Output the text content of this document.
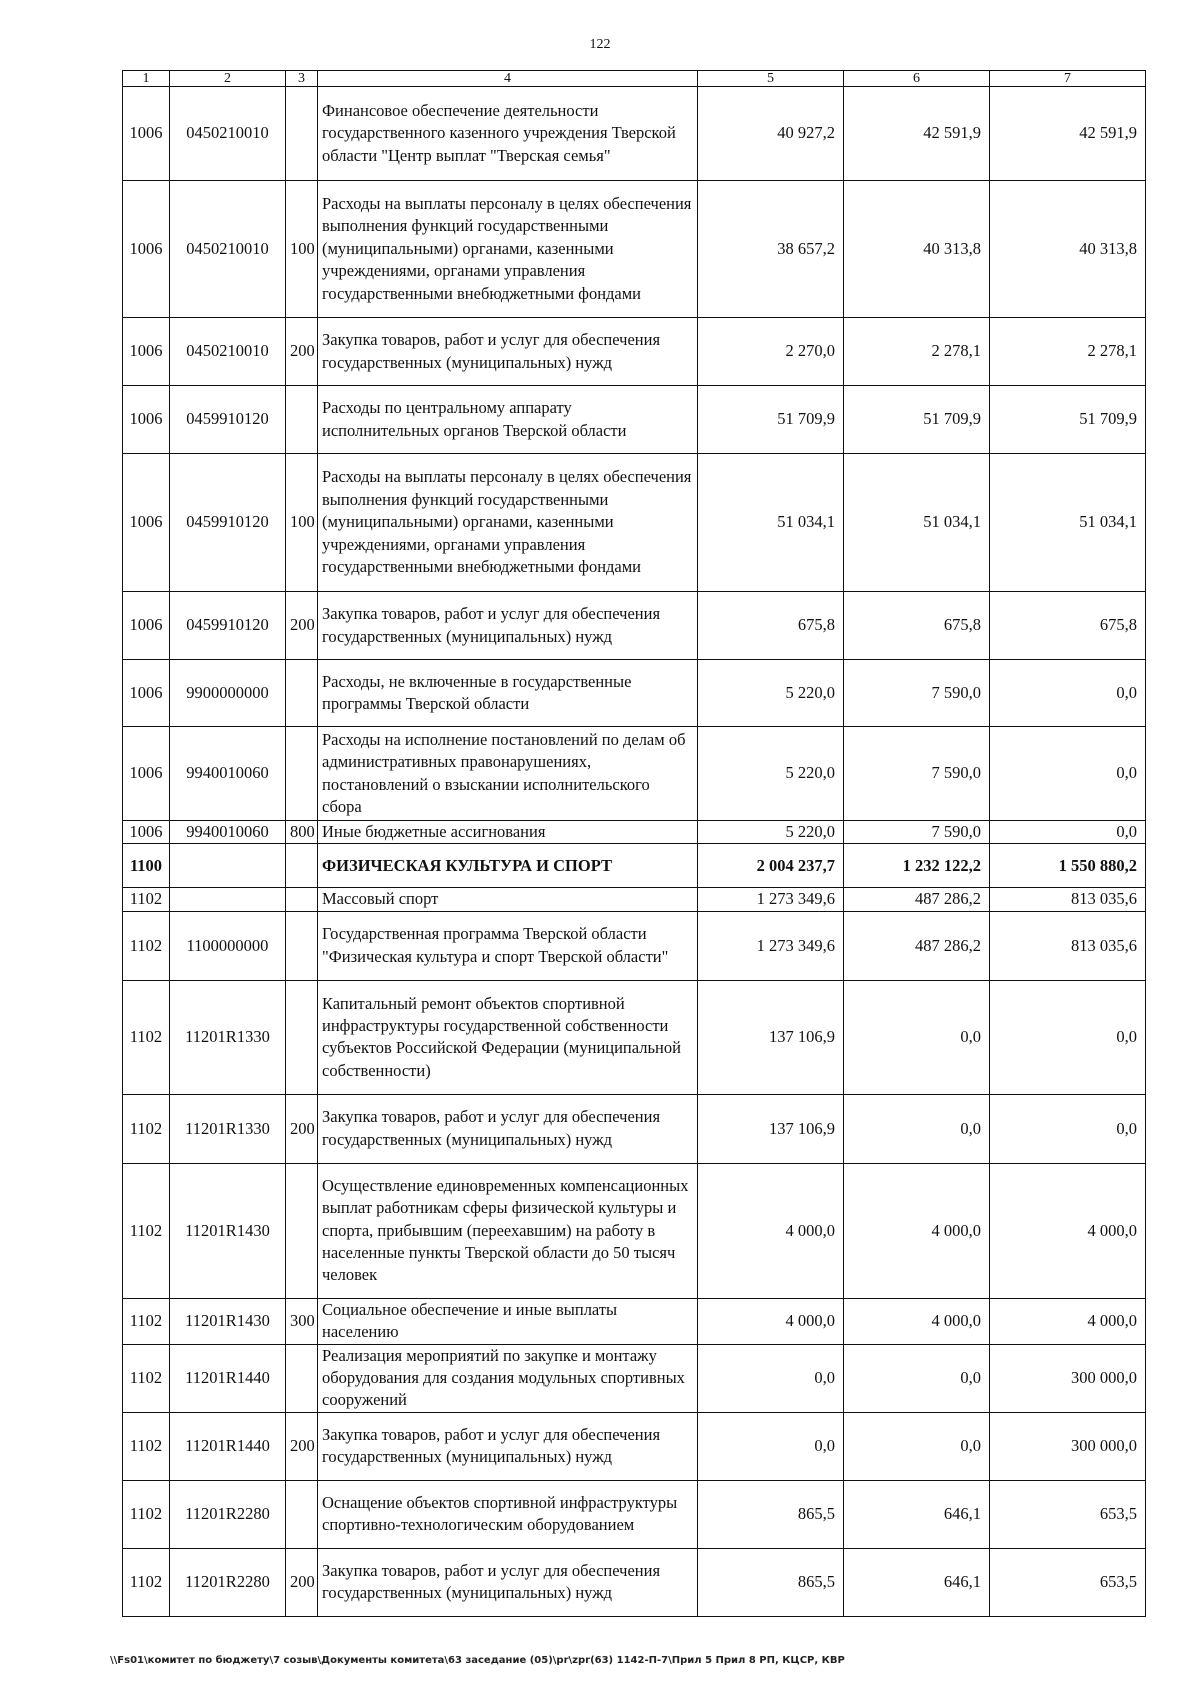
122
1	2	3	4	5	6	7
1006	0450210010		Финансовое обеспечение деятельности государственного казенного учреждения Тверской области "Центр выплат "Тверская семья"	40 927,2	42 591,9	42 591,9
1006	0450210010	100	Расходы на выплаты персоналу в целях обеспечения выполнения функций государственными (муниципальными) органами, казенными учреждениями, органами управления государственными внебюджетными фондами	38 657,2	40 313,8	40 313,8
1006	0450210010	200	Закупка товаров, работ и услуг для обеспечения государственных (муниципальных) нужд	2 270,0	2 278,1	2 278,1
1006	0459910120		Расходы по центральному аппарату исполнительных органов Тверской области	51 709,9	51 709,9	51 709,9
1006	0459910120	100	Расходы на выплаты персоналу в целях обеспечения выполнения функций государственными (муниципальными) органами, казенными учреждениями, органами управления государственными внебюджетными фондами	51 034,1	51 034,1	51 034,1
1006	0459910120	200	Закупка товаров, работ и услуг для обеспечения государственных (муниципальных) нужд	675,8	675,8	675,8
1006	9900000000		Расходы, не включенные в государственные программы Тверской области	5 220,0	7 590,0	0,0
1006	9940010060		Расходы на исполнение постановлений по делам об административных правонарушениях, постановлений о взыскании исполнительского сбора	5 220,0	7 590,0	0,0
1006	9940010060	800	Иные бюджетные ассигнования	5 220,0	7 590,0	0,0
1100			ФИЗИЧЕСКАЯ КУЛЬТУРА И СПОРТ	2 004 237,7	1 232 122,2	1 550 880,2
1102			Массовый спорт	1 273 349,6	487 286,2	813 035,6
1102	1100000000		Государственная программа Тверской области "Физическая культура и спорт Тверской области"	1 273 349,6	487 286,2	813 035,6
1102	11201R1330		Капитальный ремонт объектов спортивной инфраструктуры государственной собственности субъектов Российской Федерации (муниципальной собственности)	137 106,9	0,0	0,0
1102	11201R1330	200	Закупка товаров, работ и услуг для обеспечения государственных (муниципальных) нужд	137 106,9	0,0	0,0
1102	11201R1430		Осуществление единовременных компенсационных выплат работникам сферы физической культуры и спорта, прибывшим (переехавшим) на работу в населенные пункты Тверской области до 50 тысяч человек	4 000,0	4 000,0	4 000,0
1102	11201R1430	300	Социальное обеспечение и иные выплаты населению	4 000,0	4 000,0	4 000,0
1102	11201R1440		Реализация мероприятий по закупке и монтажу оборудования для создания модульных спортивных сооружений	0,0	0,0	300 000,0
1102	11201R1440	200	Закупка товаров, работ и услуг для обеспечения государственных (муниципальных) нужд	0,0	0,0	300 000,0
1102	11201R2280		Оснащение объектов спортивной инфраструктуры спортивно-технологическим оборудованием	865,5	646,1	653,5
1102	11201R2280	200	Закупка товаров, работ и услуг для обеспечения государственных (муниципальных) нужд	865,5	646,1	653,5
\\Fs01\комитет по бюджету\7 созыв\Документы комитета\63 заседание (05)\pr\zpr(63) 1142-П-7\Прил 5 Прил 8 РП, КЦСР, КВР
